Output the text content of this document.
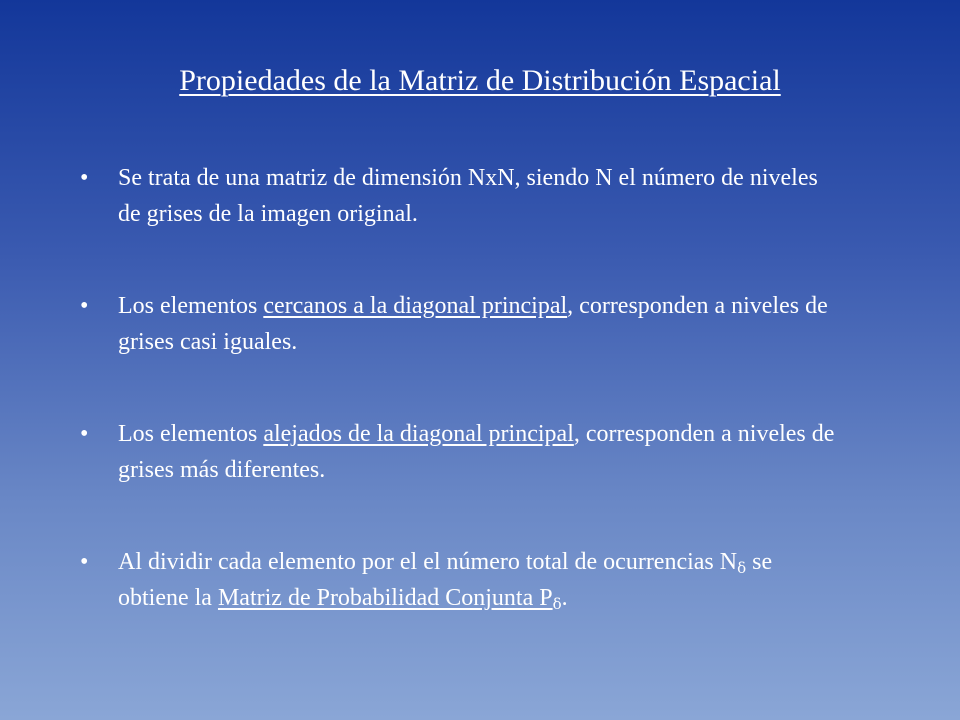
Propiedades de la Matriz de Distribución Espacial
•	Se trata de una matriz de dimensión NxN, siendo N el número de niveles de grises de la imagen original.
•	Los elementos cercanos a la diagonal principal, corresponden a niveles de grises casi iguales.
•	Los elementos alejados de la diagonal principal, corresponden a niveles de grises más diferentes.
•	Al dividir cada elemento por el el número total de ocurrencias $N_\delta$ se obtiene la Matriz de Probabilidad Conjunta $P_\delta$.
